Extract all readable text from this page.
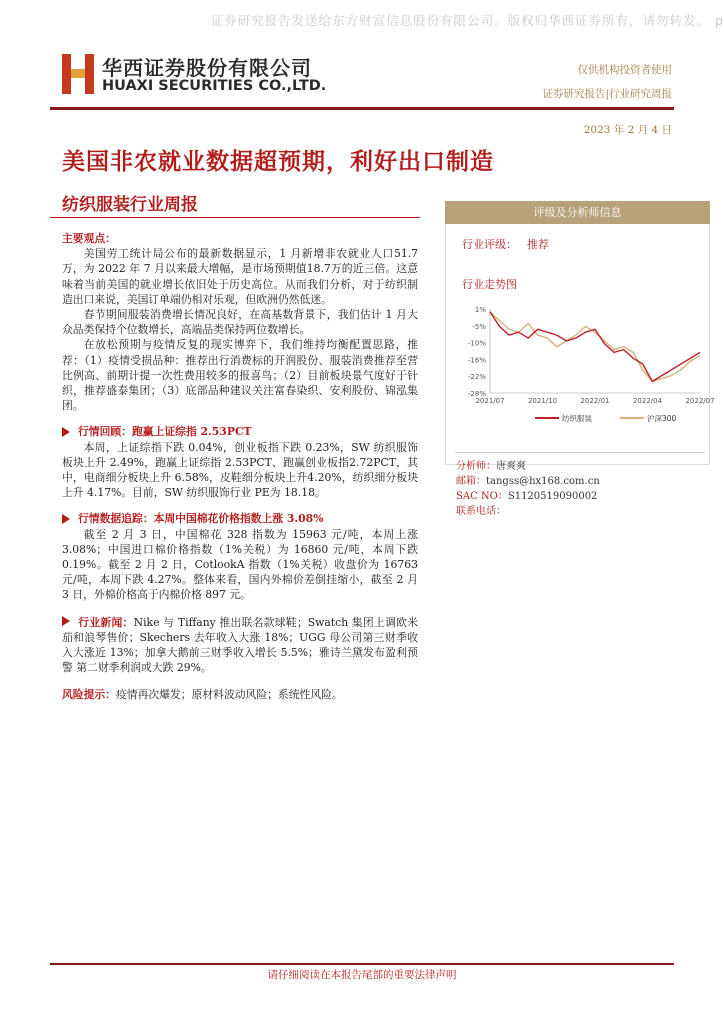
证券研究报告发送给东方财富信息股份有限公司。版权归华西证券所有，请勿转发。 p
华西证券股份有限公司
HUAXI SECURITIES CO.,LTD.
仅供机构投资者使用
证券研究报告|行业研究周报
2023 年 2 月 4 日
美国非农就业数据超预期，利好出口制造
纺织服装行业周报
主要观点：

美国劳工统计局公布的最新数据显示，1 月新增非农就业人口51.7万，为 2022 年 7 月以来最大增幅，是市场预期值18.7万的近三倍。这意味着当前美国的就业增长依旧处于历史高位。从而我们分析，对于纺织制造出口来说，美国订单端仍相对乐观，但欧洲仍然低迷。

春节期间服装消费增长情况良好，在高基数背景下，我们估计 1 月大众品类保持个位数增长，高端品类保持两位数增长。

在放松预期与疫情反复的现实博弈下，我们维持均衡配置思路，推荐：（1）疫情受损品种：推荐出行消费标的开润股份、服装消费推荐至营比例高、前期计提一次性费用较多的报喜鸟；（2）目前板块景气度好于针织，推荐盛泰集团；（3）底部品种建议关注富春染织、安利股份、锦泓集团。

行情回顾：跑赢上证综指 2.53PCT

本周，上证综指下跌 0.04%，创业板指下跌 0.23%，SW 纺织服饰板块上升 2.49%，跑赢上证综指 2.53PCT、跑赢创业板指2.72PCT，其中，电商细分板块上升 6.58%，皮鞋细分板块上升4.20%，纺织细分板块上升 4.17%。目前，SW 纺织服饰行业 PE为 18.18。

行情数据追踪：本周中国棉花价格指数上涨 3.08%

截至 2 月 3 日，中国棉花 328 指数为 15963 元/吨，本周上涨 3.08%；中国进口棉价格指数（1%关税）为 16860 元/吨，本周下跌 0.19%。截至 2 月 2 日，CotlookA 指数（1%关税）收盘价为 16763 元/吨，本周下跌 4.27%。整体来看，国内外棉价差倒挂缩小，截至 2 月 3 日，外棉价格高于内棉价格 897 元。

行业新闻：Nike 与 Tiffany 推出联名款球鞋；Swatch 集团上调欧米茄和浪琴售价；Skechers 去年收入大涨 18%；UGG 母公司第三财季收入大涨近 13%；加拿大鹅前三财季收入增长 5.5%；雅诗兰黛发布盈利预警 第二财季利润或大跌 29%。
风险提示：疫情再次爆发；原材料波动风险；系统性风险。
评级及分析师信息
行业评级： 推荐
行业走势图
1%
-5%
-10%
-16%
-22%
-28%
2021/07	2021/10	2022/01	2022/04	2022/07
纺织服装	沪深300
分析师：唐爽爽
邮箱：tangss@hx168.com.cn
SAC NO：S1120519090002
联系电话：
请仔细阅读在本报告尾部的重要法律声明
